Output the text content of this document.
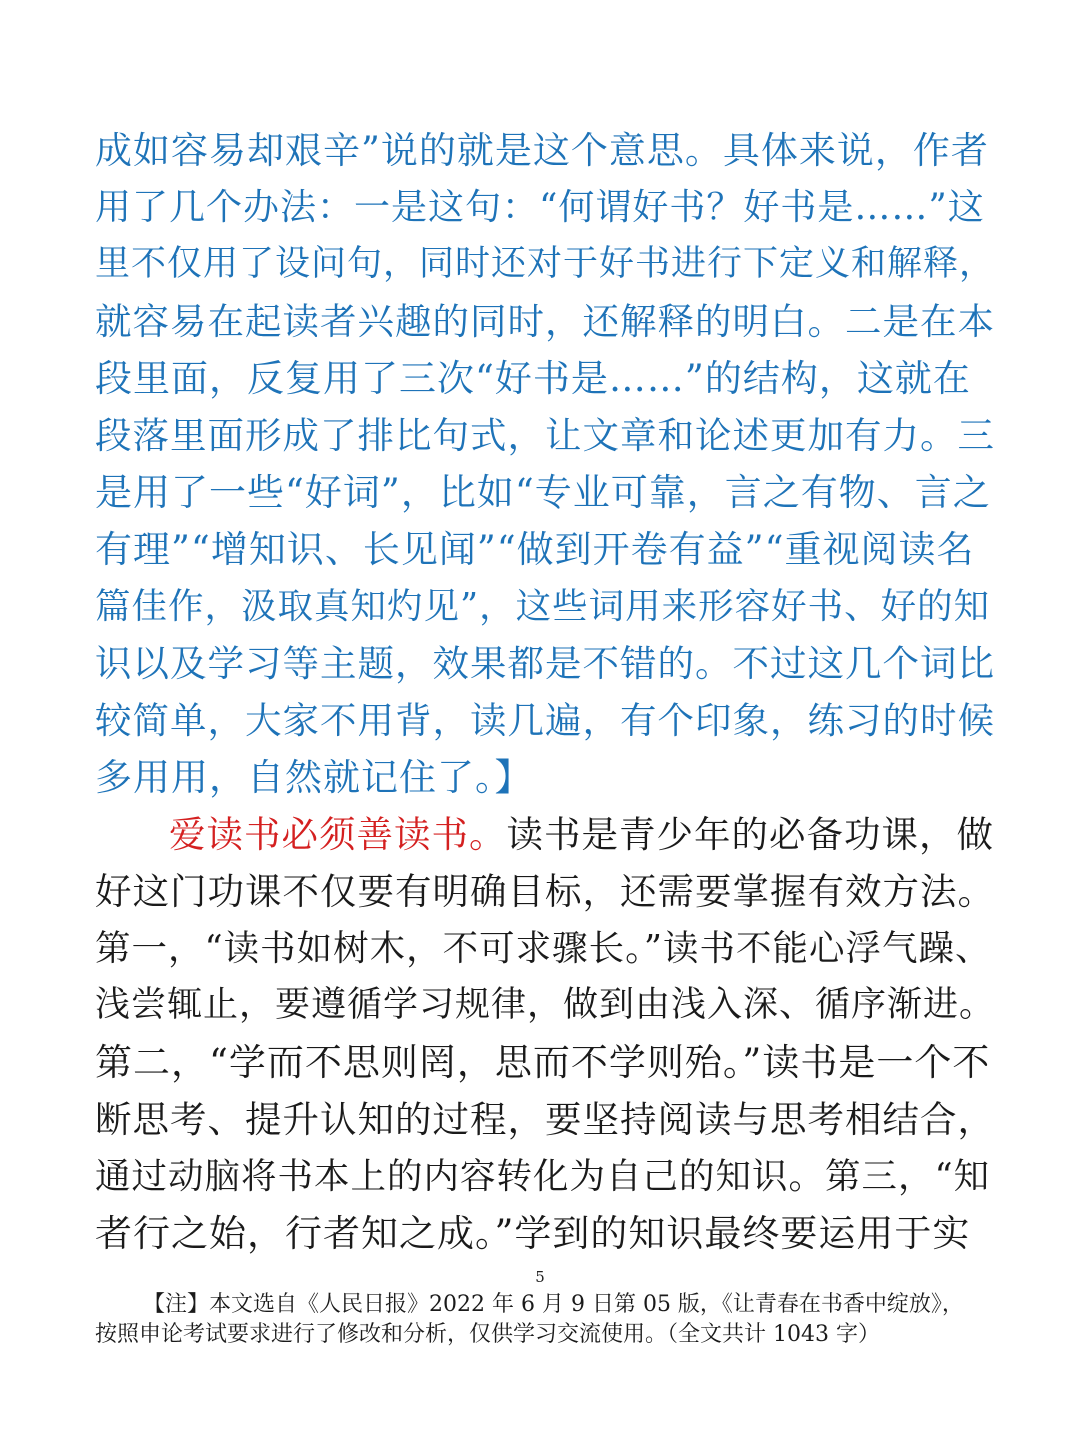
成如容易却艰辛”说的就是这个意思。具体来说，作者
用了几个办法：一是这句：“何谓好书？好书是……”这
里不仅用了设问句，同时还对于好书进行下定义和解释，
就容易在起读者兴趣的同时，还解释的明白。二是在本
段里面，反复用了三次“好书是……”的结构，这就在
段落里面形成了排比句式，让文章和论述更加有力。三
是用了一些“好词”，比如“专业可靠，言之有物、言之
有理”“增知识、长见闻”“做到开卷有益”“重视阅读名
篇佳作，汲取真知灼见”，这些词用来形容好书、好的知
识以及学习等主题，效果都是不错的。不过这几个词比
较简单，大家不用背，读几遍，有个印象，练习的时候
多用用，自然就记住了。】
爱读书必须善读书。读书是青少年的必备功课，做
好这门功课不仅要有明确目标，还需要掌握有效方法。
第一，“读书如树木，不可求骤长。”读书不能心浮气躁、
浅尝辄止，要遵循学习规律，做到由浅入深、循序渐进。
第二，“学而不思则罔，思而不学则殆。”读书是一个不
断思考、提升认知的过程，要坚持阅读与思考相结合，
通过动脑将书本上的内容转化为自己的知识。第三，“知
者行之始，行者知之成。”学到的知识最终要运用于实
5
【注】本文选自《人民日报》2022 年 6 月 9 日第 05 版，《让青春在书香中绽放》，
按照申论考试要求进行了修改和分析，仅供学习交流使用。（全文共计 1043 字）
